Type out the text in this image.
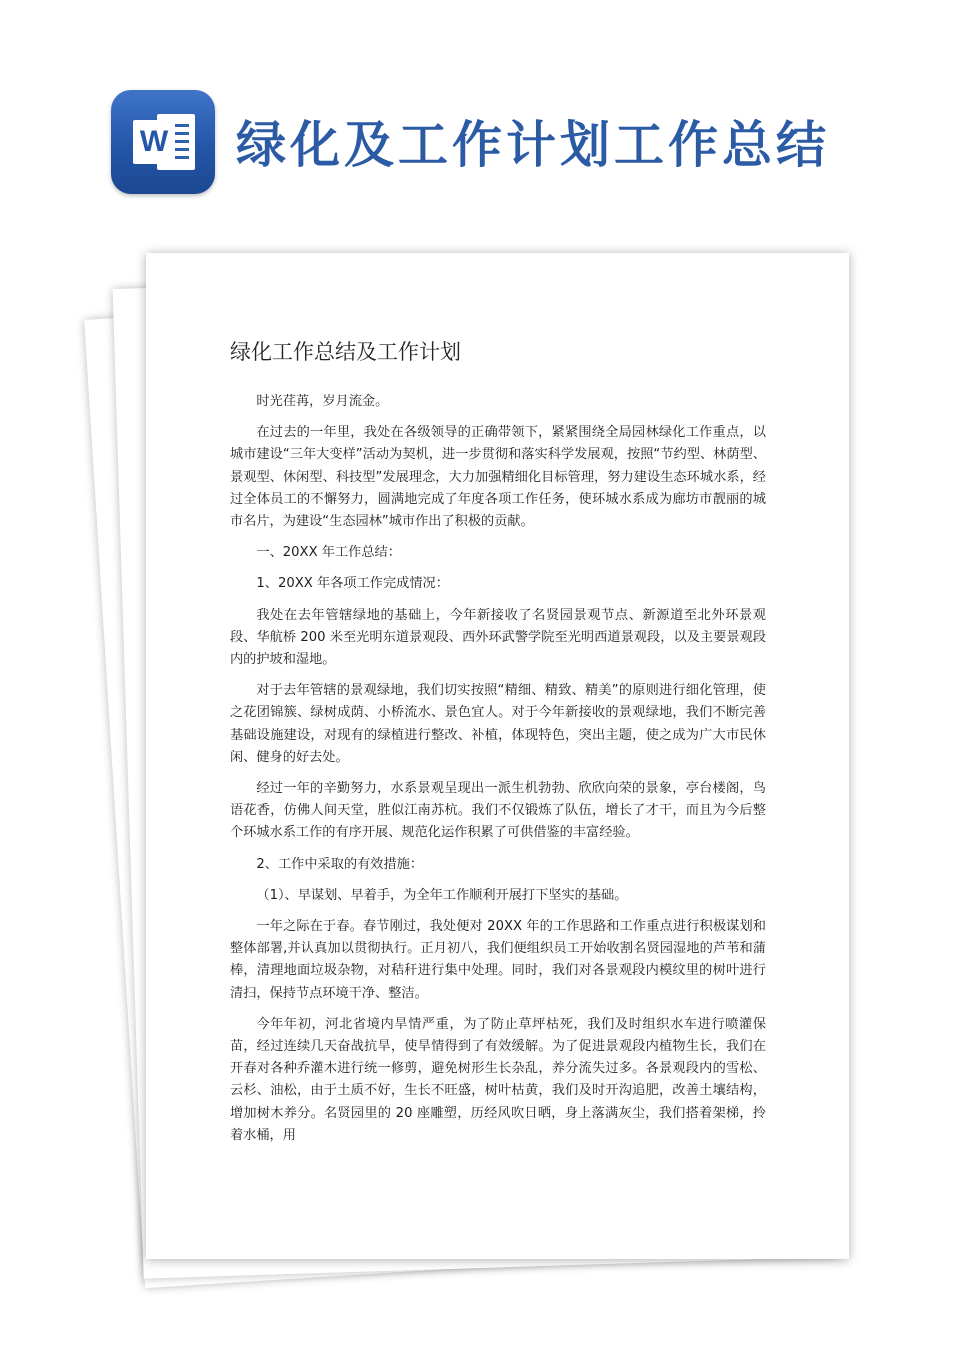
W 绿化及工作计划工作总结
绿化工作总结及工作计划

时光荏苒，岁月流金。

在过去的一年里，我处在各级领导的正确带领下，紧紧围绕全局园林绿化工作重点，以城市建设“三年大变样”活动为契机，进一步贯彻和落实科学发展观，按照“节约型、林荫型、景观型、休闲型、科技型”发展理念，大力加强精细化目标管理，努力建设生态环城水系，经过全体员工的不懈努力，圆满地完成了年度各项工作任务，使环城水系成为廊坊市靓丽的城市名片，为建设“生态园林”城市作出了积极的贡献。

一、20XX 年工作总结：

1、20XX 年各项工作完成情况：

我处在去年管辖绿地的基础上，今年新接收了名贤园景观节点、新源道至北外环景观段、华航桥 200 米至光明东道景观段、西外环武警学院至光明西道景观段，以及主要景观段内的护坡和湿地。

对于去年管辖的景观绿地，我们切实按照“精细、精致、精美”的原则进行细化管理，使之花团锦簇、绿树成荫、小桥流水、景色宜人。对于今年新接收的景观绿地，我们不断完善基础设施建设，对现有的绿植进行整改、补植，体现特色，突出主题，使之成为广大市民休闲、健身的好去处。

经过一年的辛勤努力，水系景观呈现出一派生机勃勃、欣欣向荣的景象，亭台楼阁，鸟语花香，仿佛人间天堂，胜似江南苏杭。我们不仅锻炼了队伍，增长了才干，而且为今后整个环城水系工作的有序开展、规范化运作积累了可供借鉴的丰富经验。

2、工作中采取的有效措施：

（1）、早谋划、早着手，为全年工作顺利开展打下坚实的基础。

一年之际在于春。春节刚过，我处便对 20XX 年的工作思路和工作重点进行积极谋划和整体部署,并认真加以贯彻执行。正月初八，我们便组织员工开始收割名贤园湿地的芦苇和蒲棒，清理地面垃圾杂物，对秸秆进行集中处理。同时，我们对各景观段内模纹里的树叶进行清扫，保持节点环境干净、整洁。

今年年初，河北省境内旱情严重，为了防止草坪枯死，我们及时组织水车进行喷灌保苗，经过连续几天奋战抗旱，使旱情得到了有效缓解。为了促进景观段内植物生长，我们在开春对各种乔灌木进行统一修剪，避免树形生长杂乱，养分流失过多。各景观段内的雪松、云杉、油松，由于土质不好，生长不旺盛，树叶枯黄，我们及时开沟追肥，改善土壤结构，增加树木养分。名贤园里的 20 座雕塑，历经风吹日晒，身上落满灰尘，我们搭着架梯，拎着水桶，用
